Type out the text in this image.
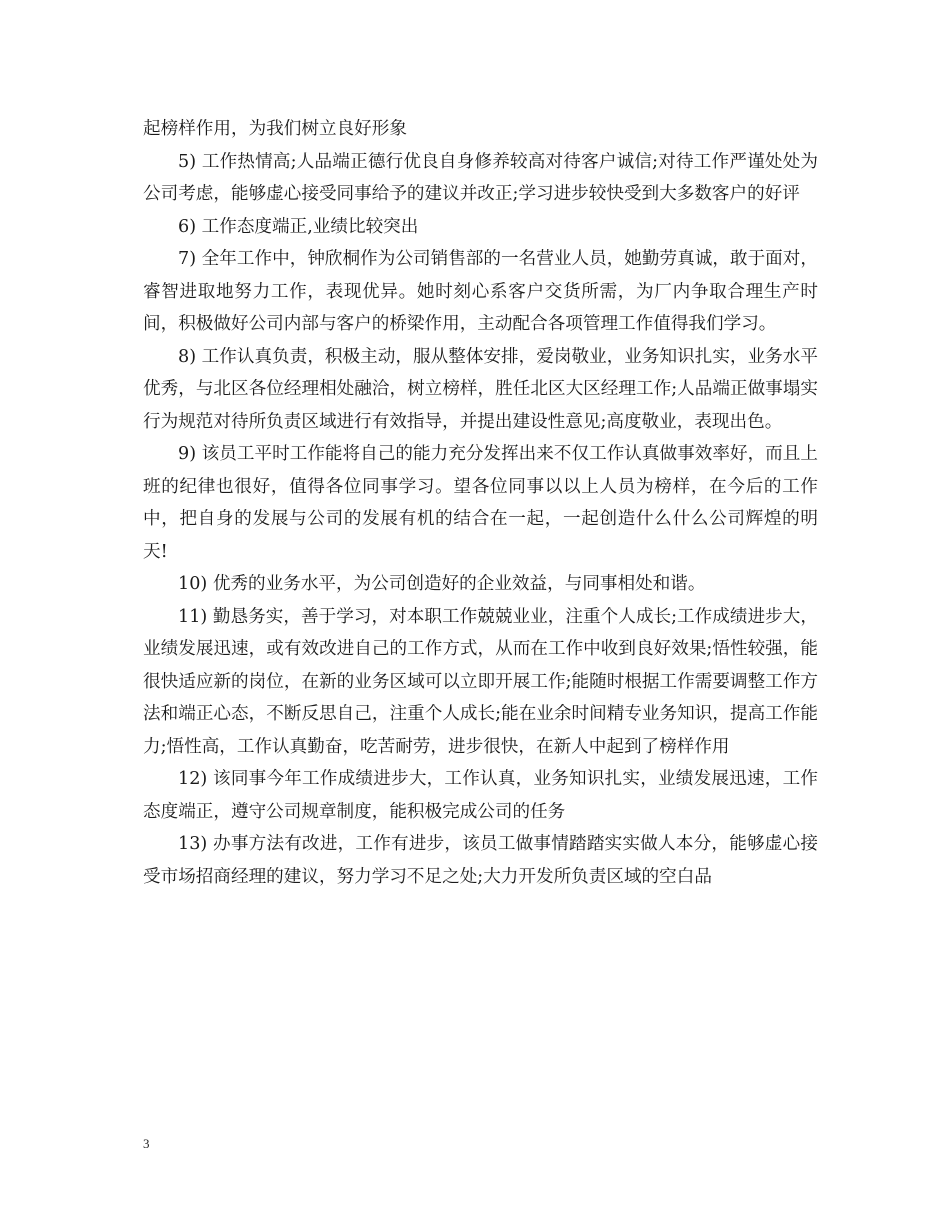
起榜样作用，为我们树立良好形象

5) 工作热情高;人品端正德行优良自身修养较高对待客户诚信;对待工作严谨处处为公司考虑，能够虚心接受同事给予的建议并改正;学习进步较快受到大多数客户的好评

6) 工作态度端正,业绩比较突出

7) 全年工作中，钟欣桐作为公司销售部的一名营业人员，她勤劳真诚，敢于面对，睿智进取地努力工作，表现优异。她时刻心系客户交货所需，为厂内争取合理生产时间，积极做好公司内部与客户的桥梁作用，主动配合各项管理工作值得我们学习。

8) 工作认真负责，积极主动，服从整体安排，爱岗敬业，业务知识扎实，业务水平优秀，与北区各位经理相处融洽，树立榜样，胜任北区大区经理工作;人品端正做事塌实行为规范对待所负责区域进行有效指导，并提出建设性意见;高度敬业，表现出色。

9) 该员工平时工作能将自己的能力充分发挥出来不仅工作认真做事效率好，而且上班的纪律也很好，值得各位同事学习。望各位同事以以上人员为榜样，在今后的工作中，把自身的发展与公司的发展有机的结合在一起，一起创造什么什么公司辉煌的明天!

10) 优秀的业务水平，为公司创造好的企业效益，与同事相处和谐。

11) 勤恳务实，善于学习，对本职工作兢兢业业，注重个人成长;工作成绩进步大，业绩发展迅速，或有效改进自己的工作方式，从而在工作中收到良好效果;悟性较强，能很快适应新的岗位，在新的业务区域可以立即开展工作;能随时根据工作需要调整工作方法和端正心态，不断反思自己，注重个人成长;能在业余时间精专业务知识，提高工作能力;悟性高，工作认真勤奋，吃苦耐劳，进步很快，在新人中起到了榜样作用

12) 该同事今年工作成绩进步大，工作认真，业务知识扎实，业绩发展迅速，工作态度端正，遵守公司规章制度，能积极完成公司的任务

13) 办事方法有改进，工作有进步，该员工做事情踏踏实实做人本分，能够虚心接受市场招商经理的建议，努力学习不足之处;大力开发所负责区域的空白品

3
